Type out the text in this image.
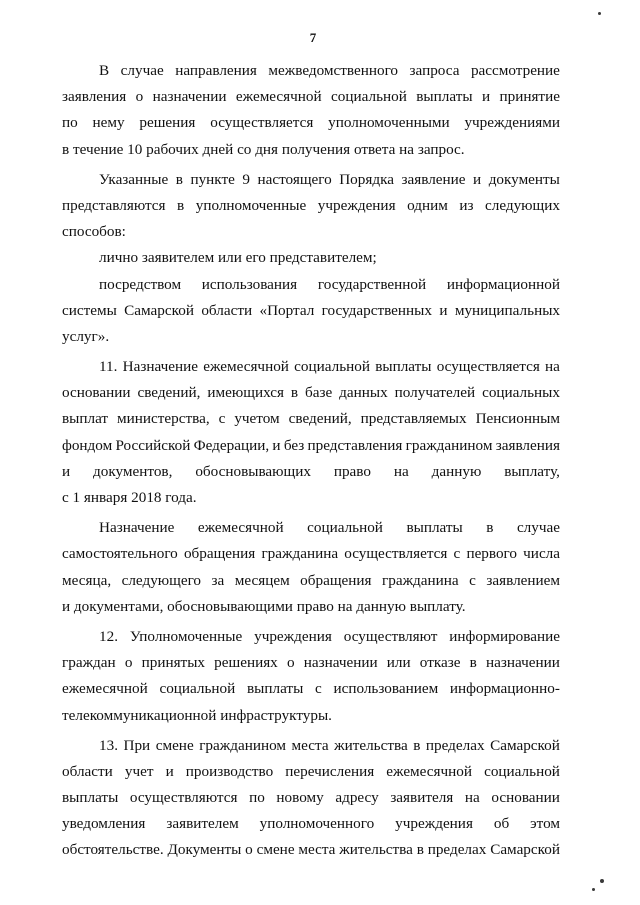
7
В случае направления межведомственного запроса рассмотрение
заявления о назначении ежемесячной социальной выплаты и принятие
по нему решения осуществляется уполномоченными учреждениями
в течение 10 рабочих дней со дня получения ответа на запрос.
Указанные в пункте 9 настоящего Порядка заявление и документы
представляются в уполномоченные учреждения одним из следующих
способов:
лично заявителем или его представителем;
посредством использования государственной информационной
системы Самарской области «Портал государственных и муниципальных
услуг».
11. Назначение ежемесячной социальной выплаты осуществляется на
основании сведений, имеющихся в базе данных получателей социальных
выплат министерства, с учетом сведений, представляемых Пенсионным
фондом Российской Федерации, и без представления гражданином заявления
и документов, обосновывающих право на данную выплату,
с 1 января 2018 года.
Назначение ежемесячной социальной выплаты в случае
самостоятельного обращения гражданина осуществляется с первого числа
месяца, следующего за месяцем обращения гражданина с заявлением
и документами, обосновывающими право на данную выплату.
12. Уполномоченные учреждения осуществляют информирование
граждан о принятых решениях о назначении или отказе в назначении
ежемесячной социальной выплаты с использованием информационно-
телекоммуникационной инфраструктуры.
13. При смене гражданином места жительства в пределах Самарской
области учет и производство перечисления ежемесячной социальной
выплаты осуществляются по новому адресу заявителя на основании
уведомления заявителем уполномоченного учреждения об этом
обстоятельстве. Документы о смене места жительства в пределах Самарской
